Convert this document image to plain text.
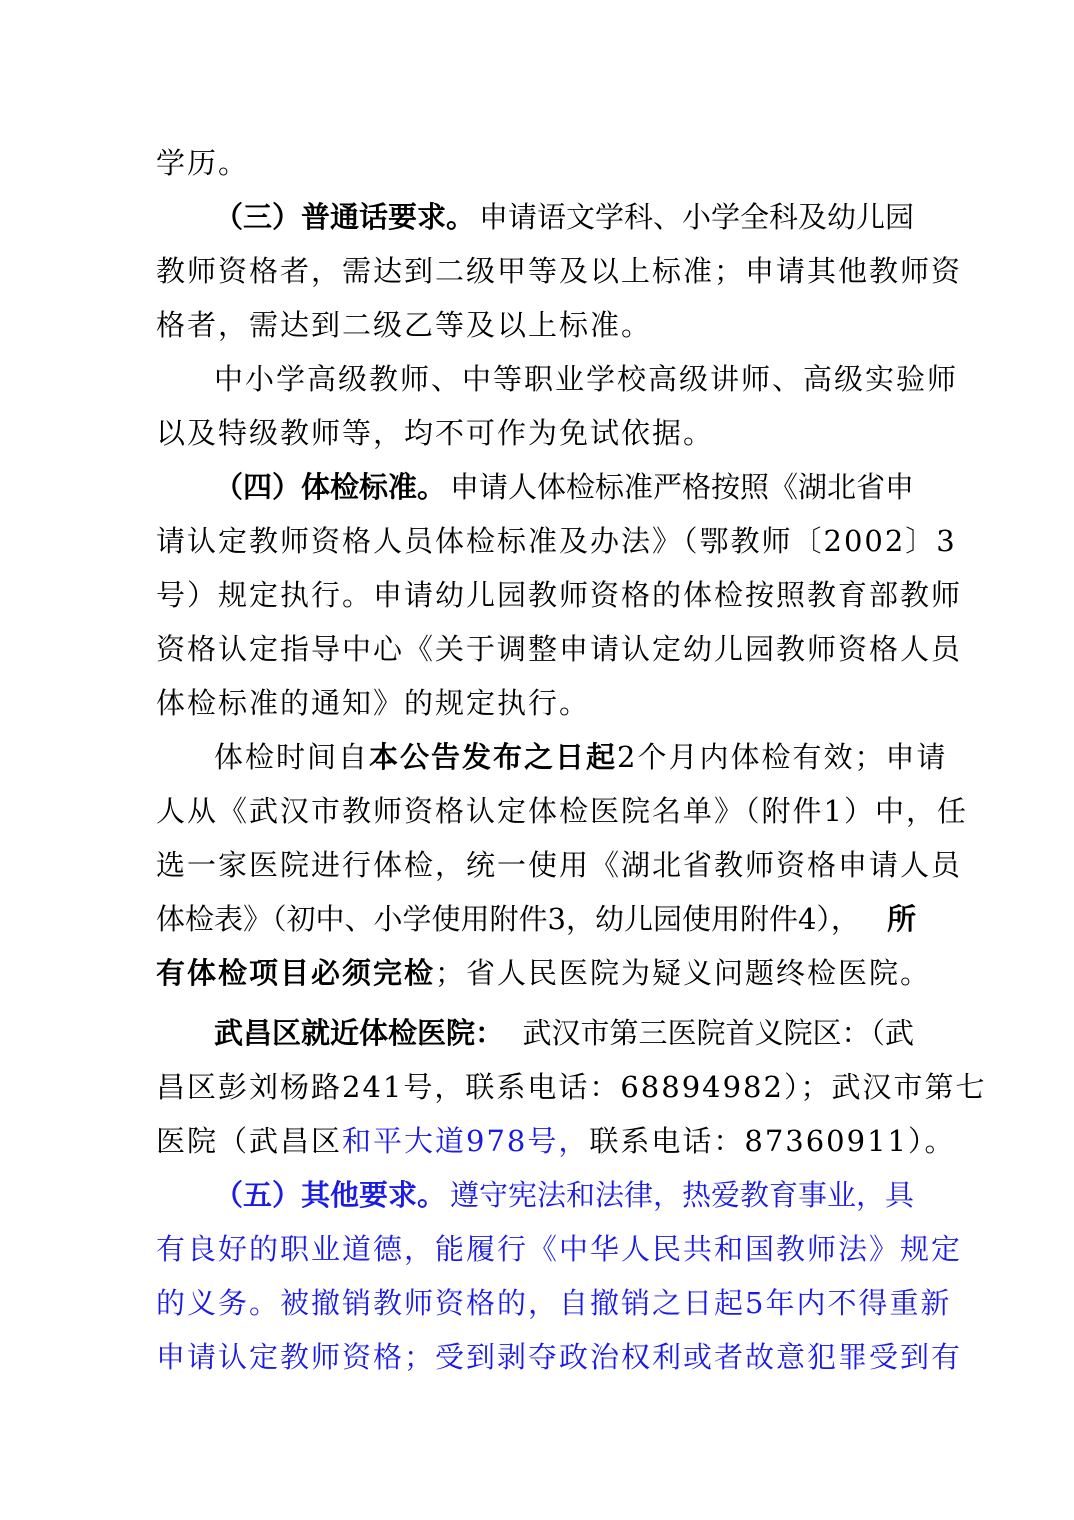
学历。
（三）普通话要求。 申请语文学科、小学全科及幼儿园
教师资格者，需达到二级甲等及以上标准；申请其他教师资
格者，需达到二级乙等及以上标准。
中小学高级教师、中等职业学校高级讲师、高级实验师
以及特级教师等，均不可作为免试依据。
（四）体检标准。 申请人体检标准严格按照《湖北省申
请认定教师资格人员体检标准及办法》（鄂教师〔2002〕3
号）规定执行。申请幼儿园教师资格的体检按照教育部教师
资格认定指导中心《关于调整申请认定幼儿园教师资格人员
体检标准的通知》的规定执行。
体检时间自本公告发布之日起2个月内体检有效；申请
人从《武汉市教师资格认定体检医院名单》（附件1）中，任
选一家医院进行体检，统一使用《湖北省教师资格申请人员
体检表》（初中、小学使用附件3，幼儿园使用附件4）， 所
有体检项目必须完检；省人民医院为疑义问题终检医院。
武昌区就近体检医院： 武汉市第三医院首义院区：（武
昌区彭刘杨路241号，联系电话：68894982）；武汉市第七
医院（武昌区和平大道978号，联系电话：87360911）。
（五）其他要求。 遵守宪法和法律，热爱教育事业，具
有良好的职业道德，能履行《中华人民共和国教师法》规定
的义务。被撤销教师资格的，自撤销之日起5年内不得重新
申请认定教师资格；受到剥夺政治权利或者故意犯罪受到有
